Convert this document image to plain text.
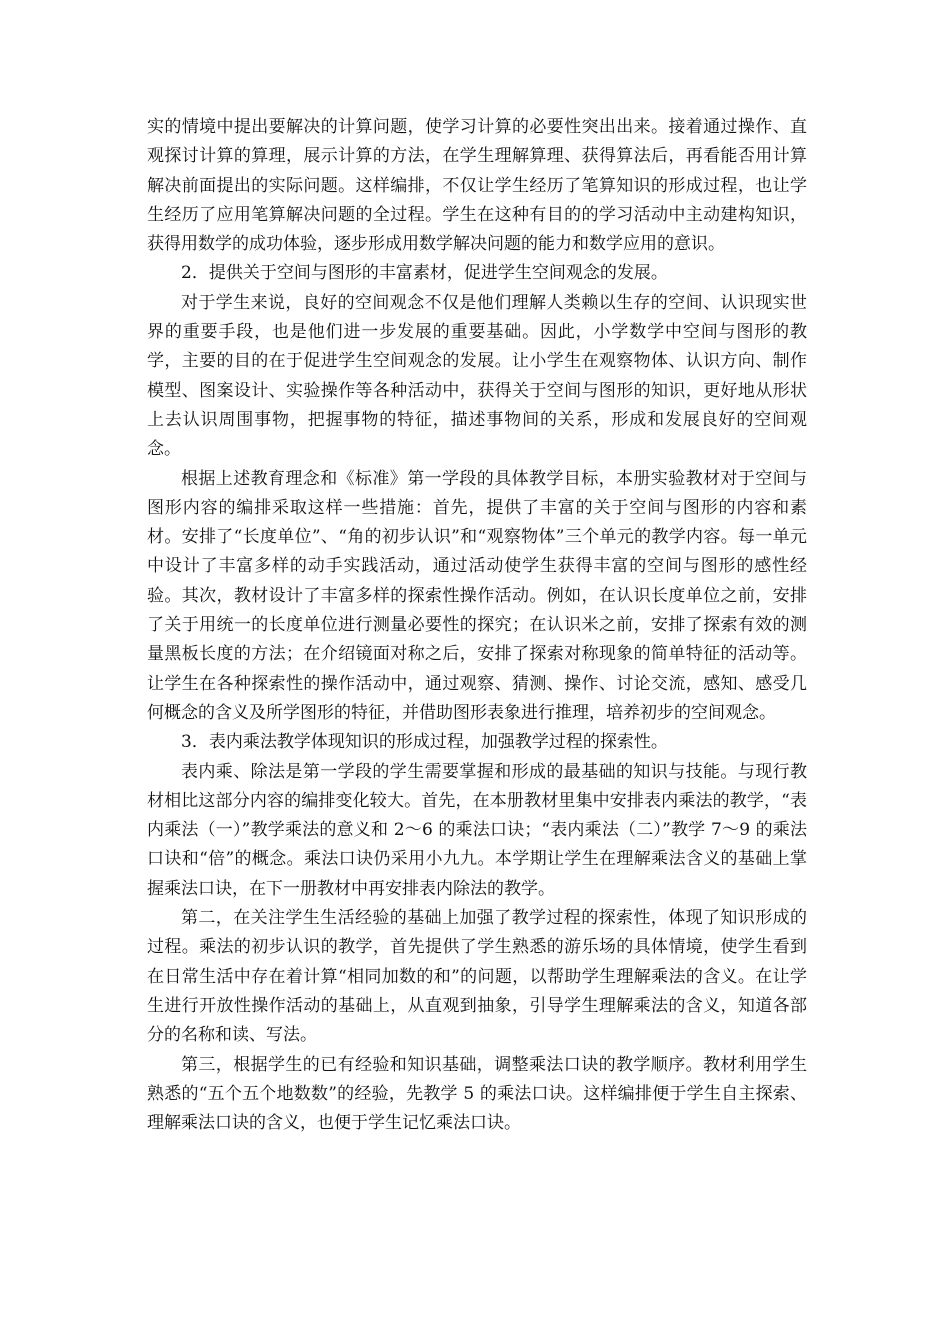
实的情境中提出要解决的计算问题，使学习计算的必要性突出出来。接着通过操作、直观探讨计算的算理，展示计算的方法，在学生理解算理、获得算法后，再看能否用计算解决前面提出的实际问题。这样编排，不仅让学生经历了笔算知识的形成过程，也让学生经历了应用笔算解决问题的全过程。学生在这种有目的的学习活动中主动建构知识，获得用数学的成功体验，逐步形成用数学解决问题的能力和数学应用的意识。

2．提供关于空间与图形的丰富素材，促进学生空间观念的发展。

对于学生来说，良好的空间观念不仅是他们理解人类赖以生存的空间、认识现实世界的重要手段，也是他们进一步发展的重要基础。因此，小学数学中空间与图形的教学，主要的目的在于促进学生空间观念的发展。让小学生在观察物体、认识方向、制作模型、图案设计、实验操作等各种活动中，获得关于空间与图形的知识，更好地从形状上去认识周围事物，把握事物的特征，描述事物间的关系，形成和发展良好的空间观念。

根据上述教育理念和《标准》第一学段的具体教学目标，本册实验教材对于空间与图形内容的编排采取这样一些措施：首先，提供了丰富的关于空间与图形的内容和素材。安排了“长度单位”、“角的初步认识”和“观察物体”三个单元的教学内容。每一单元中设计了丰富多样的动手实践活动，通过活动使学生获得丰富的空间与图形的感性经验。其次，教材设计了丰富多样的探索性操作活动。例如，在认识长度单位之前，安排了关于用统一的长度单位进行测量必要性的探究；在认识米之前，安排了探索有效的测量黑板长度的方法；在介绍镜面对称之后，安排了探索对称现象的简单特征的活动等。让学生在各种探索性的操作活动中，通过观察、猜测、操作、讨论交流，感知、感受几何概念的含义及所学图形的特征，并借助图形表象进行推理，培养初步的空间观念。

3．表内乘法教学体现知识的形成过程，加强教学过程的探索性。

表内乘、除法是第一学段的学生需要掌握和形成的最基础的知识与技能。与现行教材相比这部分内容的编排变化较大。首先，在本册教材里集中安排表内乘法的教学，“表内乘法（一）”教学乘法的意义和 2～6 的乘法口诀；“表内乘法（二）”教学 7～9 的乘法口诀和“倍”的概念。乘法口诀仍采用小九九。本学期让学生在理解乘法含义的基础上掌握乘法口诀，在下一册教材中再安排表内除法的教学。

第二，在关注学生生活经验的基础上加强了教学过程的探索性，体现了知识形成的过程。乘法的初步认识的教学，首先提供了学生熟悉的游乐场的具体情境，使学生看到在日常生活中存在着计算“相同加数的和”的问题，以帮助学生理解乘法的含义。在让学生进行开放性操作活动的基础上，从直观到抽象，引导学生理解乘法的含义，知道各部分的名称和读、写法。

第三，根据学生的已有经验和知识基础，调整乘法口诀的教学顺序。教材利用学生熟悉的“五个五个地数数”的经验，先教学 5 的乘法口诀。这样编排便于学生自主探索、理解乘法口诀的含义，也便于学生记忆乘法口诀。
